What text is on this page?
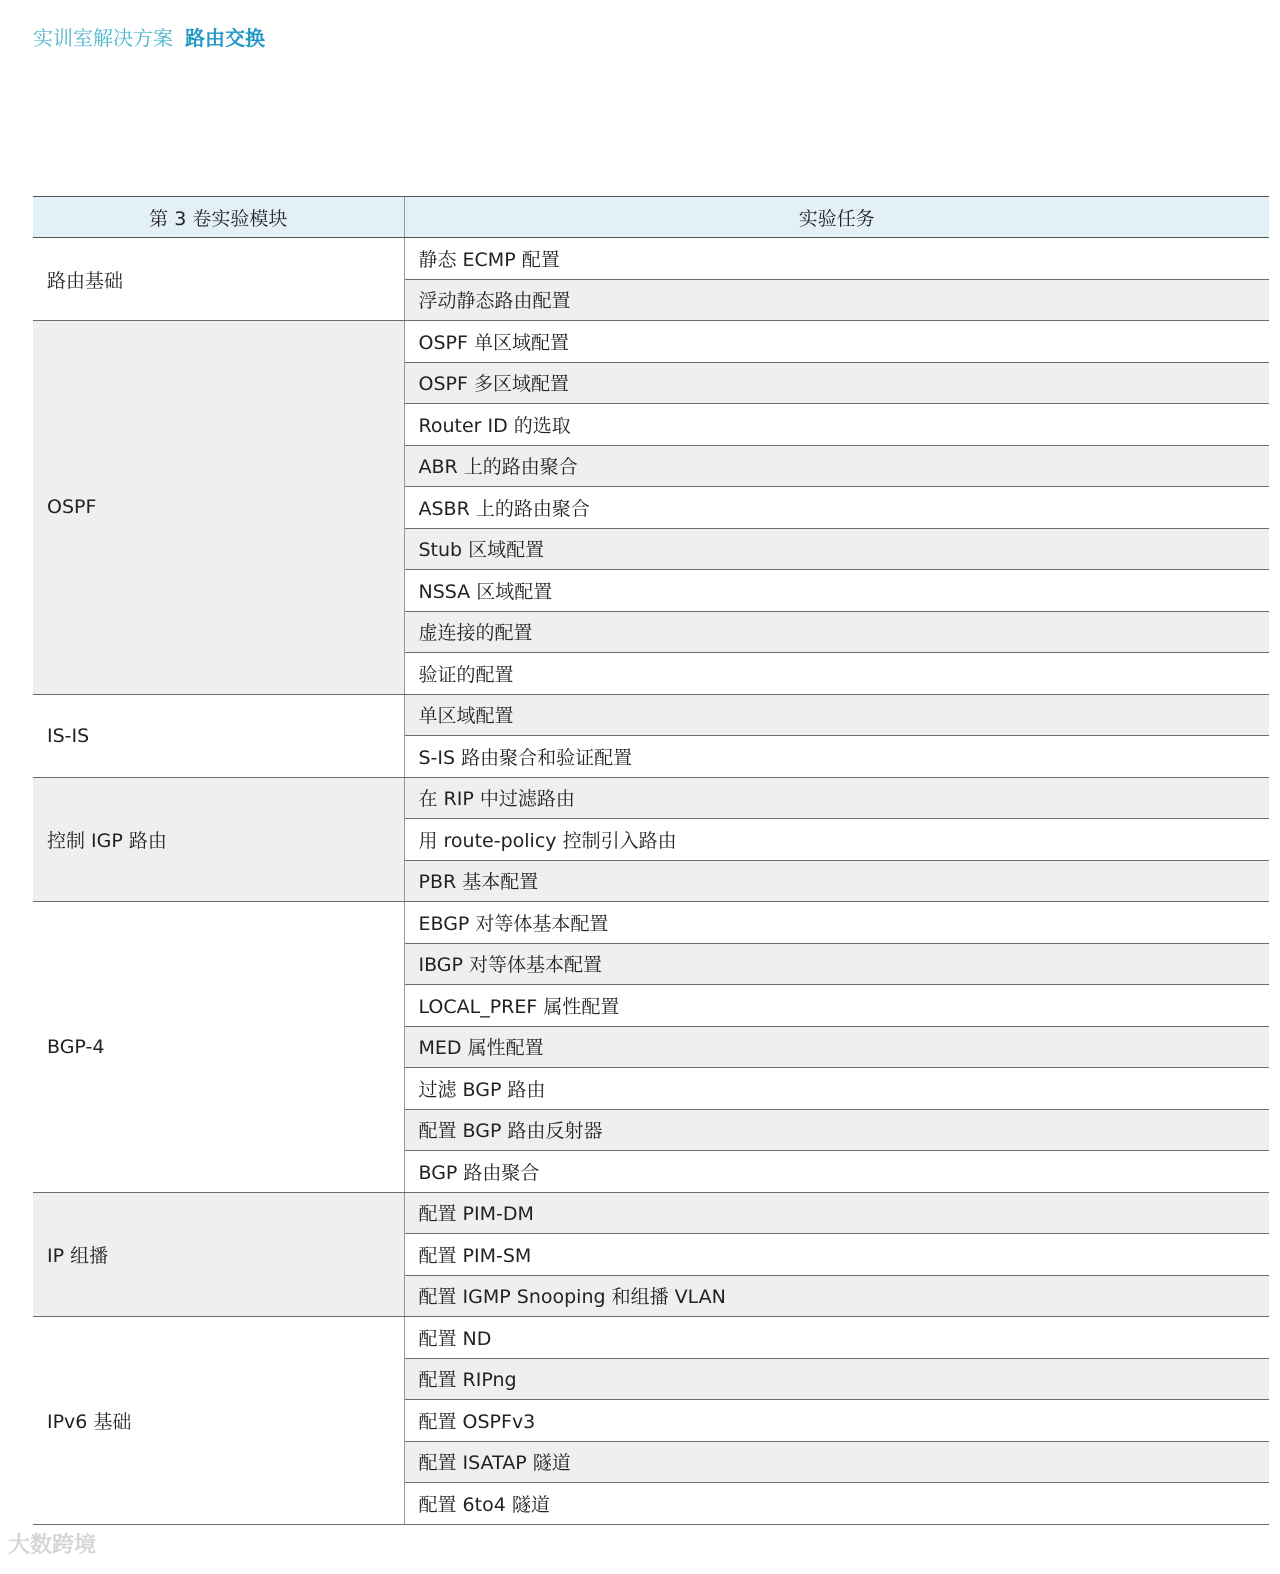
实训室解决方案 路由交换
第 3 卷实验模块	实验任务
路由基础	静态 ECMP 配置
	浮动静态路由配置
OSPF	OSPF 单区域配置
	OSPF 多区域配置
	Router ID 的选取
	ABR 上的路由聚合
	ASBR 上的路由聚合
	Stub 区域配置
	NSSA 区域配置
	虚连接的配置
	验证的配置
IS-IS	单区域配置
	S-IS 路由聚合和验证配置
控制 IGP 路由	在 RIP 中过滤路由
	用 route-policy 控制引入路由
	PBR 基本配置
BGP-4	EBGP 对等体基本配置
	IBGP 对等体基本配置
	LOCAL_PREF 属性配置
	MED 属性配置
	过滤 BGP 路由
	配置 BGP 路由反射器
	BGP 路由聚合
IP 组播	配置 PIM-DM
	配置 PIM-SM
	配置 IGMP Snooping 和组播 VLAN
IPv6 基础	配置 ND
	配置 RIPng
	配置 OSPFv3
	配置 ISATAP 隧道
	配置 6to4 隧道
大数跨境
